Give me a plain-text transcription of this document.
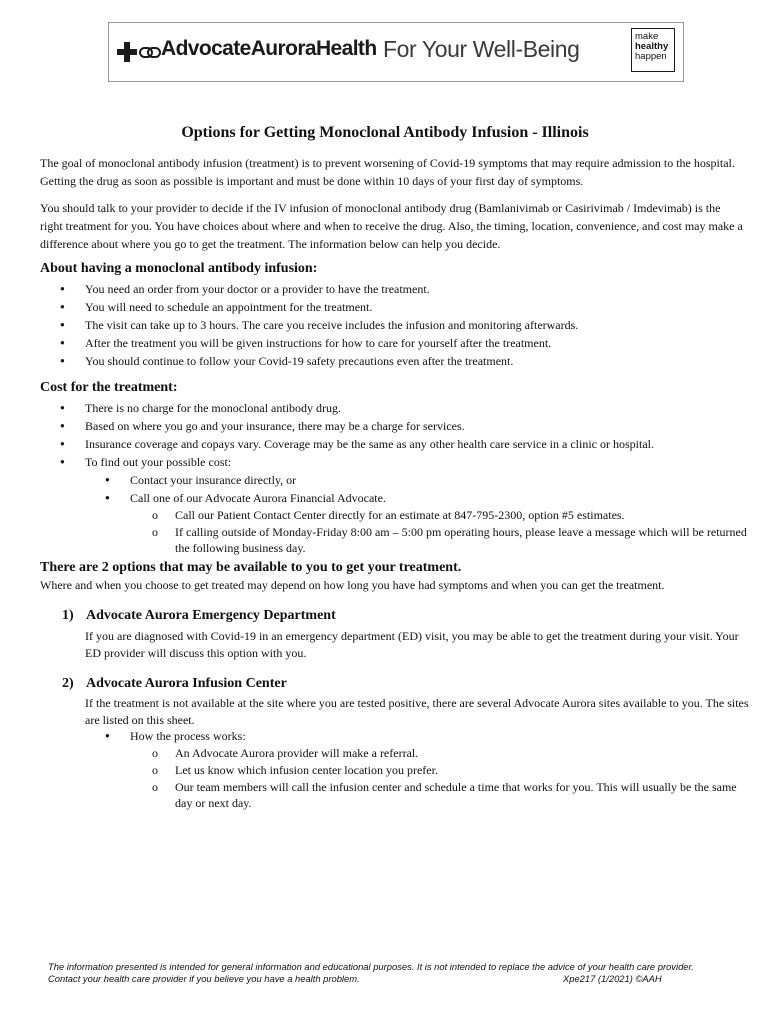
AdvocateAuroraHealth For Your Well-Being	make
healthy
happen
Options for Getting Monoclonal Antibody Infusion - Illinois

The goal of monoclonal antibody infusion (treatment) is to prevent worsening of Covid-19 symptoms that may require admission to the hospital. Getting the drug as soon as possible is important and must be done within 10 days of your first day of symptoms.

You should talk to your provider to decide if the IV infusion of monoclonal antibody drug (Bamlanivimab or Casirivimab / Imdevimab) is the right treatment for you. You have choices about where and when to receive the drug. Also, the timing, location, convenience, and cost may make a difference about where you go to get the treatment. The information below can help you decide.

About having a monoclonal antibody infusion:
● You need an order from your doctor or a provider to have the treatment.
● You will need to schedule an appointment for the treatment.
● The visit can take up to 3 hours. The care you receive includes the infusion and monitoring afterwards.
● After the treatment you will be given instructions for how to care for yourself after the treatment.
● You should continue to follow your Covid-19 safety precautions even after the treatment.
Cost for the treatment:
● There is no charge for the monoclonal antibody drug.
● Based on where you go and your insurance, there may be a charge for services.
● Insurance coverage and copays vary. Coverage may be the same as any other health care service in a clinic or hospital.
● To find out your possible cost:
● Contact your insurance directly, or
● Call one of our Advocate Aurora Financial Advocate.
o Call our Patient Contact Center directly for an estimate at 847-795-2300, option #5 estimates.
o If calling outside of Monday-Friday 8:00 am – 5:00 pm operating hours, please leave a message which will be returned the following business day.
There are 2 options that may be available to you to get your treatment.

Where and when you choose to get treated may depend on how long you have had symptoms and when you can get the treatment.

1) Advocate Aurora Emergency Department

If you are diagnosed with Covid-19 in an emergency department (ED) visit, you may be able to get the treatment during your visit. Your ED provider will discuss this option with you.

2) Advocate Aurora Infusion Center

If the treatment is not available at the site where you are tested positive, there are several Advocate Aurora sites available to you. The sites are listed on this sheet.

● How the process works:
o An Advocate Aurora provider will make a referral.
o Let us know which infusion center location you prefer.
o Our team members will call the infusion center and schedule a time that works for you. This will usually be the same day or next day.
The information presented is intended for general information and educational purposes. It is not intended to replace the advice of your health care provider.
Contact your health care provider if you believe you have a health problem.	Xpe217 (1/2021) ©AAH
